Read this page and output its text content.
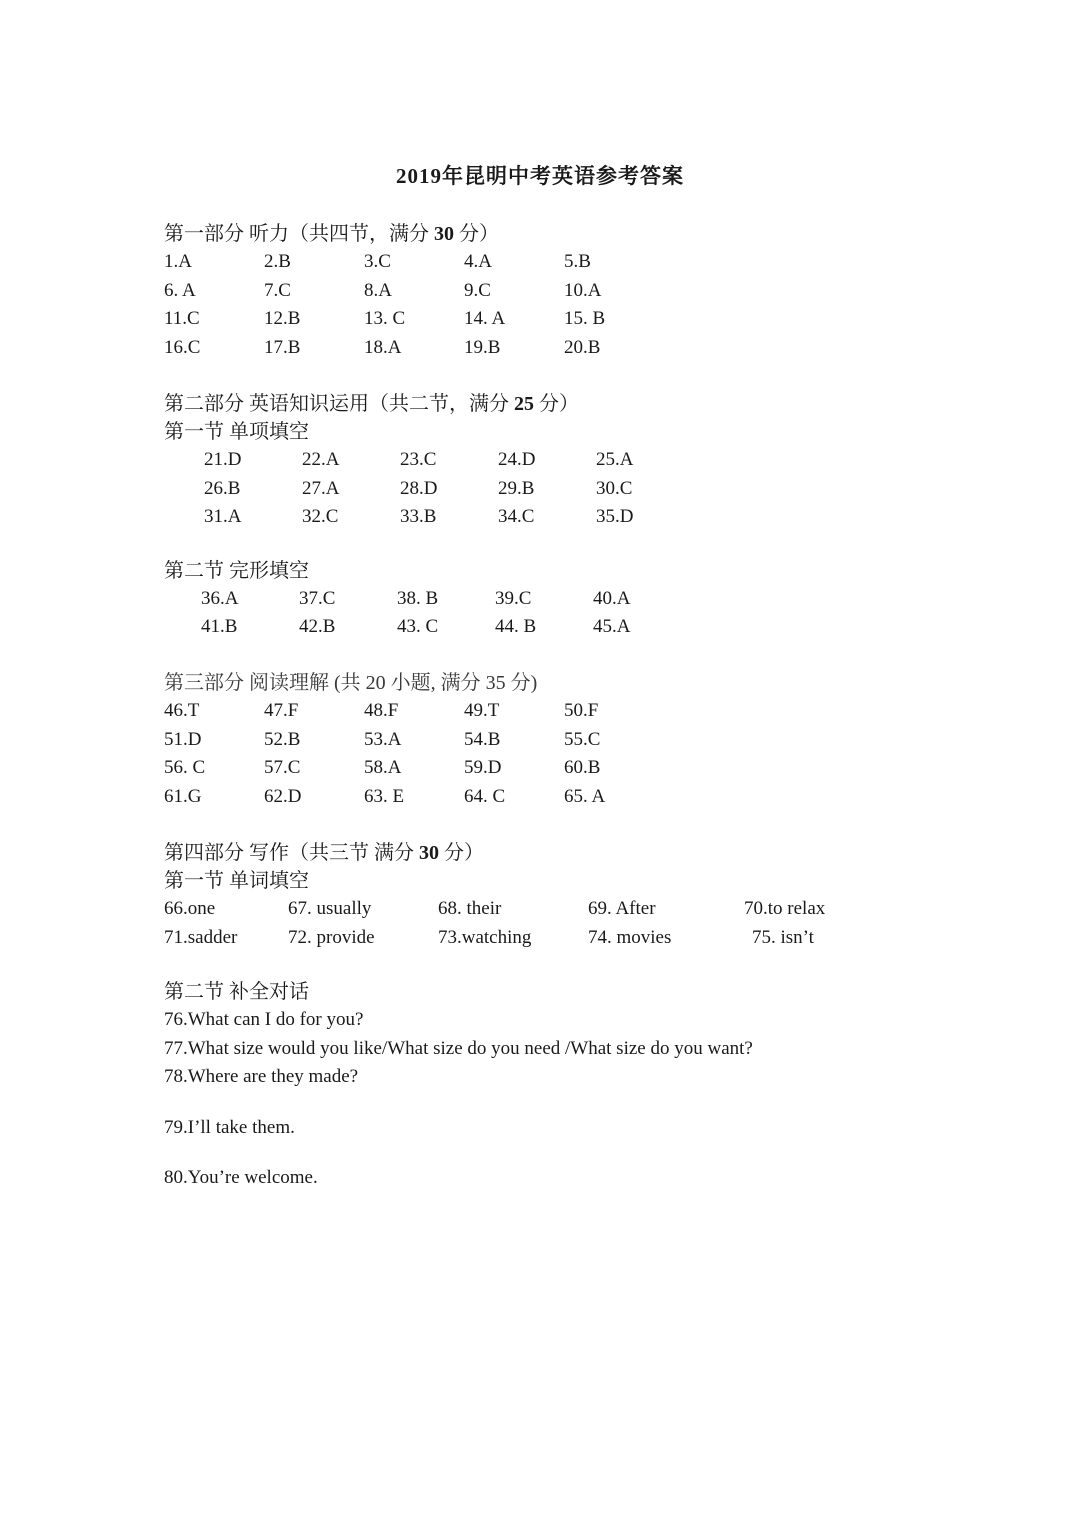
2019年昆明中考英语参考答案
第一部分 听力（共四节，满分 30 分）
1.A	2.B	3.C	4.A	5.B
6. A	7.C	8.A	9.C	10.A
11.C	12.B	13. C	14. A	15. B
16.C	17.B	18.A	19.B	20.B
第二部分 英语知识运用（共二节，满分 25 分）
第一节 单项填空
21.D	22.A	23.C	24.D	25.A
26.B	27.A	28.D	29.B	30.C
31.A	32.C	33.B	34.C	35.D
第二节 完形填空
36.A	37.C	38. B	39.C	40.A
41.B	42.B	43. C	44. B	45.A
第三部分 阅读理解 (共 20 小题, 满分 35 分)
46.T	47.F	48.F	49.T	50.F
51.D	52.B	53.A	54.B	55.C
56. C	57.C	58.A	59.D	60.B
61.G	62.D	63. E	64. C	65. A
第四部分 写作（共三节 满分 30 分）
第一节 单词填空
66.one	67. usually	68. their	69. After	70.to relax
71.sadder	72. provide	73.watching	74. movies	75. isn’t
第二节 补全对话
76.What can I do for you?
77.What size would you like/What size do you need /What size do you want?
78.Where are they made?
79.I’ll take them.
80.You’re welcome.
